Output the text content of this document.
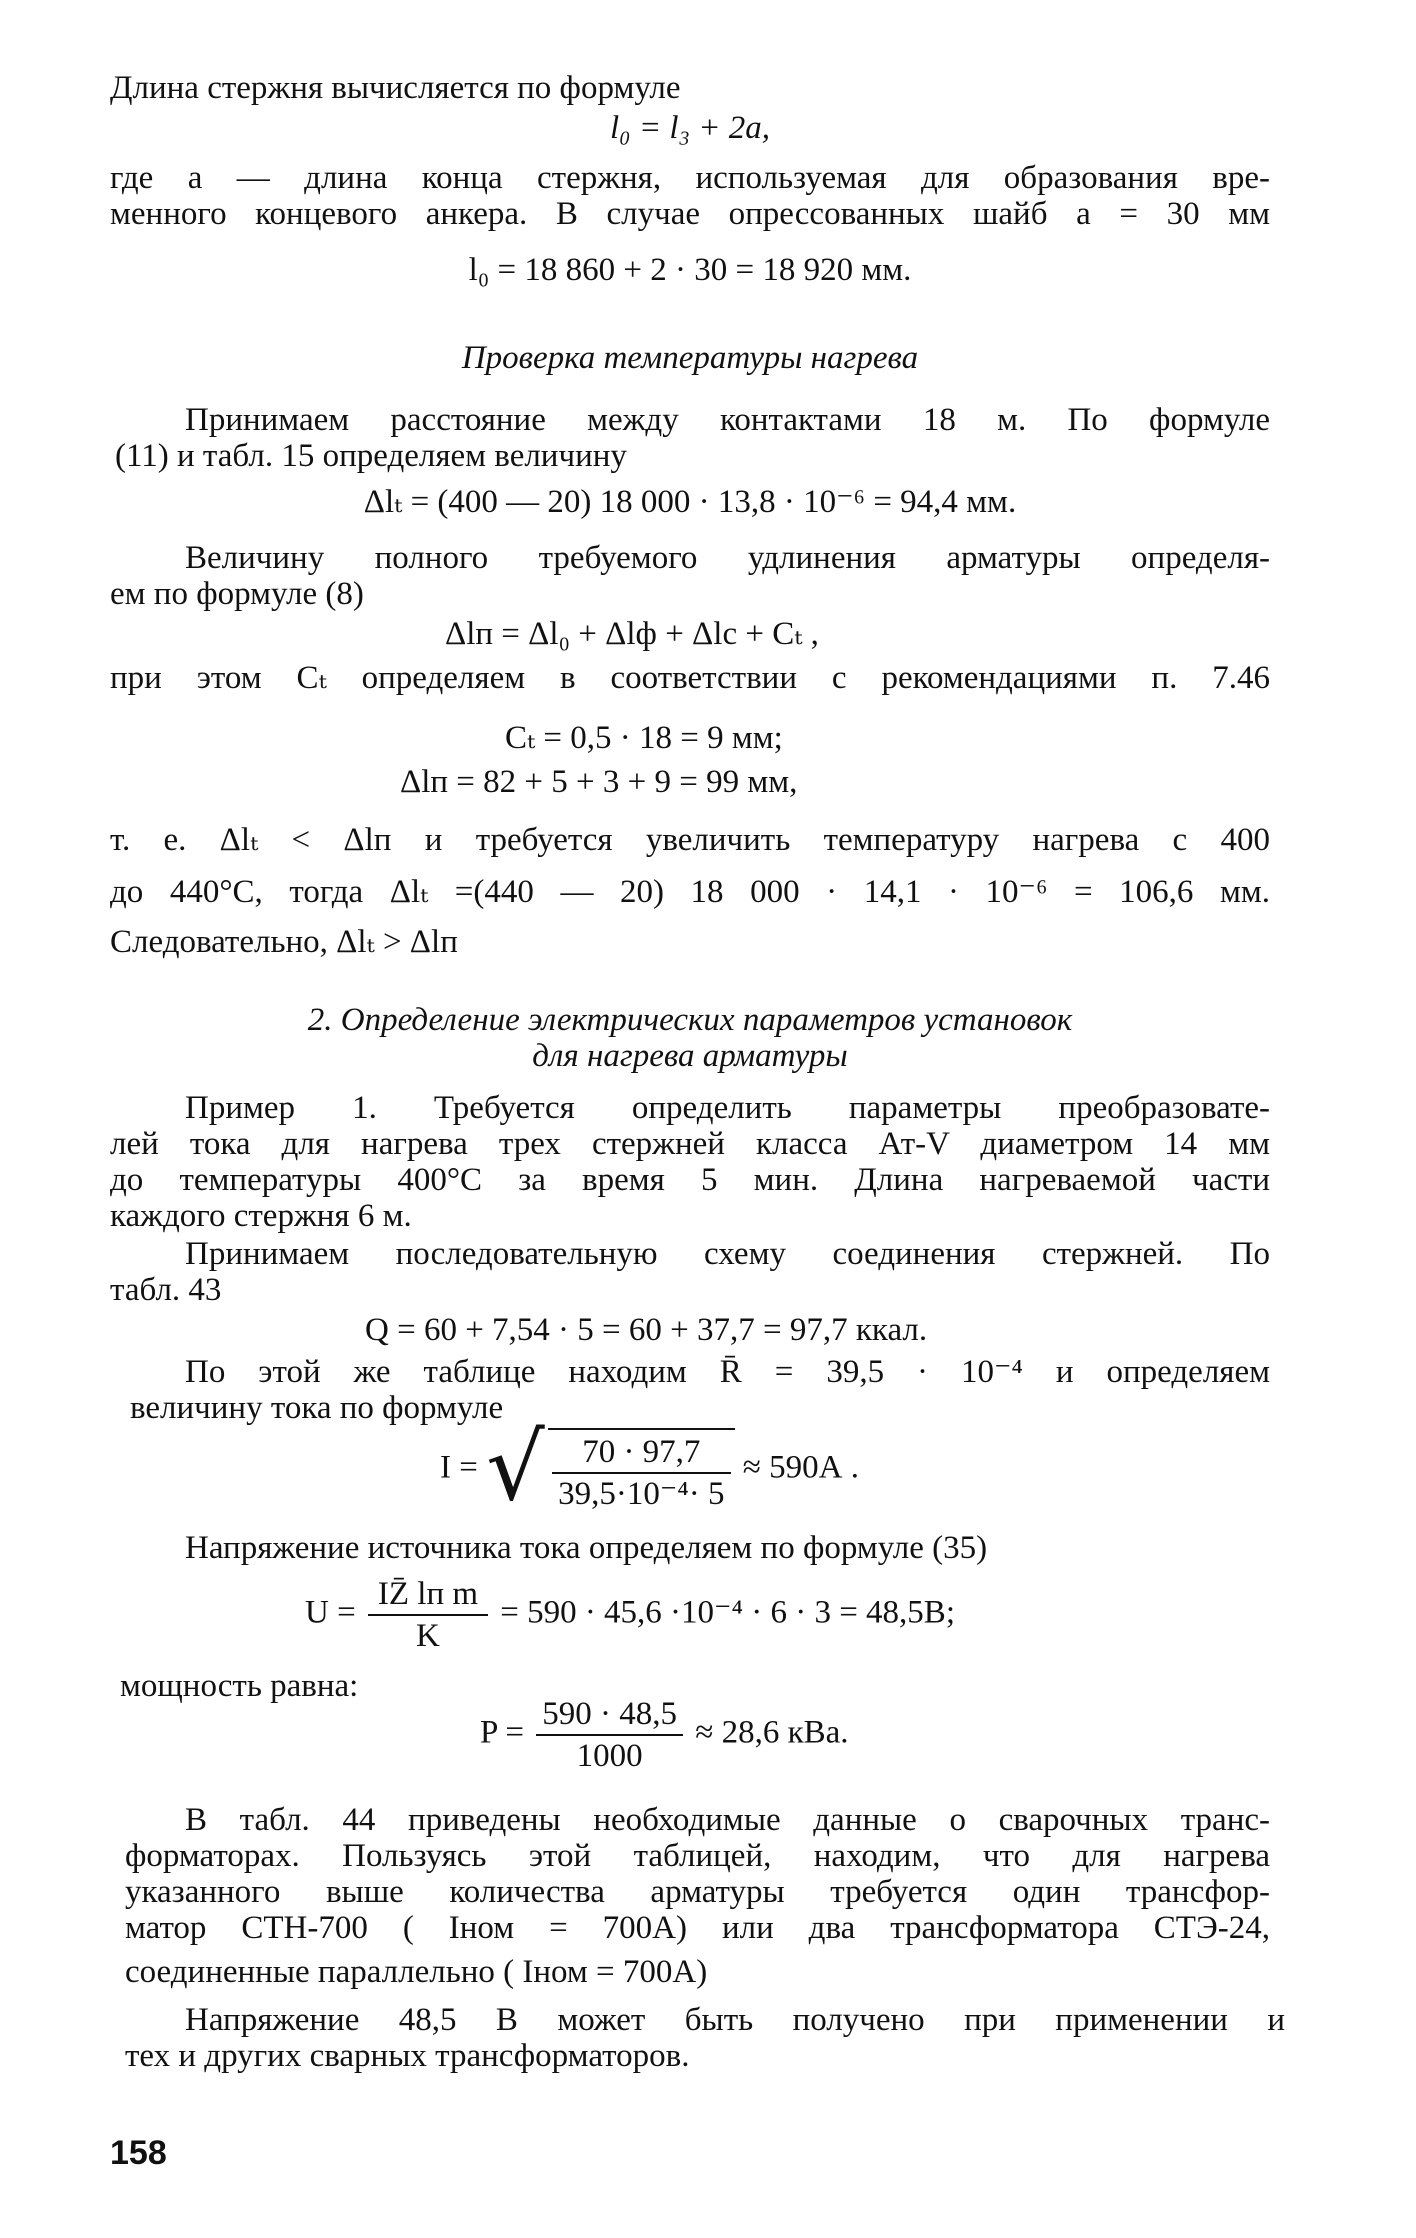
Длина стержня вычисляется по формуле
l₀ = l₃ + 2a,
где a — длина конца стержня, используемая для образования вре-
менного концевого анкера. В случае опрессованных шайб a = 30 мм
l₀ = 18 860 + 2 · 30 = 18 920 мм.
Проверка температуры нагрева
Принимаем расстояние между контактами 18 м. По формуле
(11) и табл. 15 определяем величину
Δlₜ = (400 — 20) 18 000 · 13,8 · 10⁻⁶ = 94,4 мм.
Величину полного требуемого удлинения арматуры определя-
ем по формуле (8)
Δlп = Δl₀ + Δlф + Δlс + Cₜ ,
при этом Cₜ определяем в соответствии с рекомендациями п. 7.46
Cₜ = 0,5 · 18 = 9 мм;
Δlп = 82 + 5 + 3 + 9 = 99 мм,
т. е. Δlₜ < Δlп и требуется увеличить температуру нагрева с 400
до 440°С, тогда Δlₜ =(440 — 20) 18 000 · 14,1 · 10⁻⁶ = 106,6 мм.
Следовательно, Δlₜ > Δlп
2. Определение электрических параметров установок
для нагрева арматуры
Пример 1. Требуется определить параметры преобразовате-
лей тока для нагрева трех стержней класса Ат-V диаметром 14 мм
до температуры 400°С за время 5 мин. Длина нагреваемой части
каждого стержня 6 м.
Принимаем последовательную схему соединения стержней. По
табл. 43
Q = 60 + 7,54 · 5 = 60 + 37,7 = 97,7 ккал.
По этой же таблице находим R̄ = 39,5 · 10⁻⁴ и определяем
величину тока по формуле
I = √ $\frac{70 \cdot 97,7}{\text{39,5·10⁻⁴· 5}} \approx 590А$ .
Напряжение источника тока определяем по формуле (35)
U =
IZ̄ lп m
K
= 590 · 45,6 ·10⁻⁴ · 6 · 3 = 48,5В;
мощность равна:
$P = \frac{590 \cdot 48,5}{1000} \approx 28,6$ кВа.
В табл. 44 приведены необходимые данные о сварочных транс-
форматорах. Пользуясь этой таблицей, находим, что для нагрева
указанного выше количества арматуры требуется один трансфор-
матор СТН-700 ( Iном = 700А) или два трансформатора СТЭ-24,
соединенные параллельно ( Iном = 700А)
Напряжение 48,5 В может быть получено при применении и
тех и других сварных трансформаторов.
158
